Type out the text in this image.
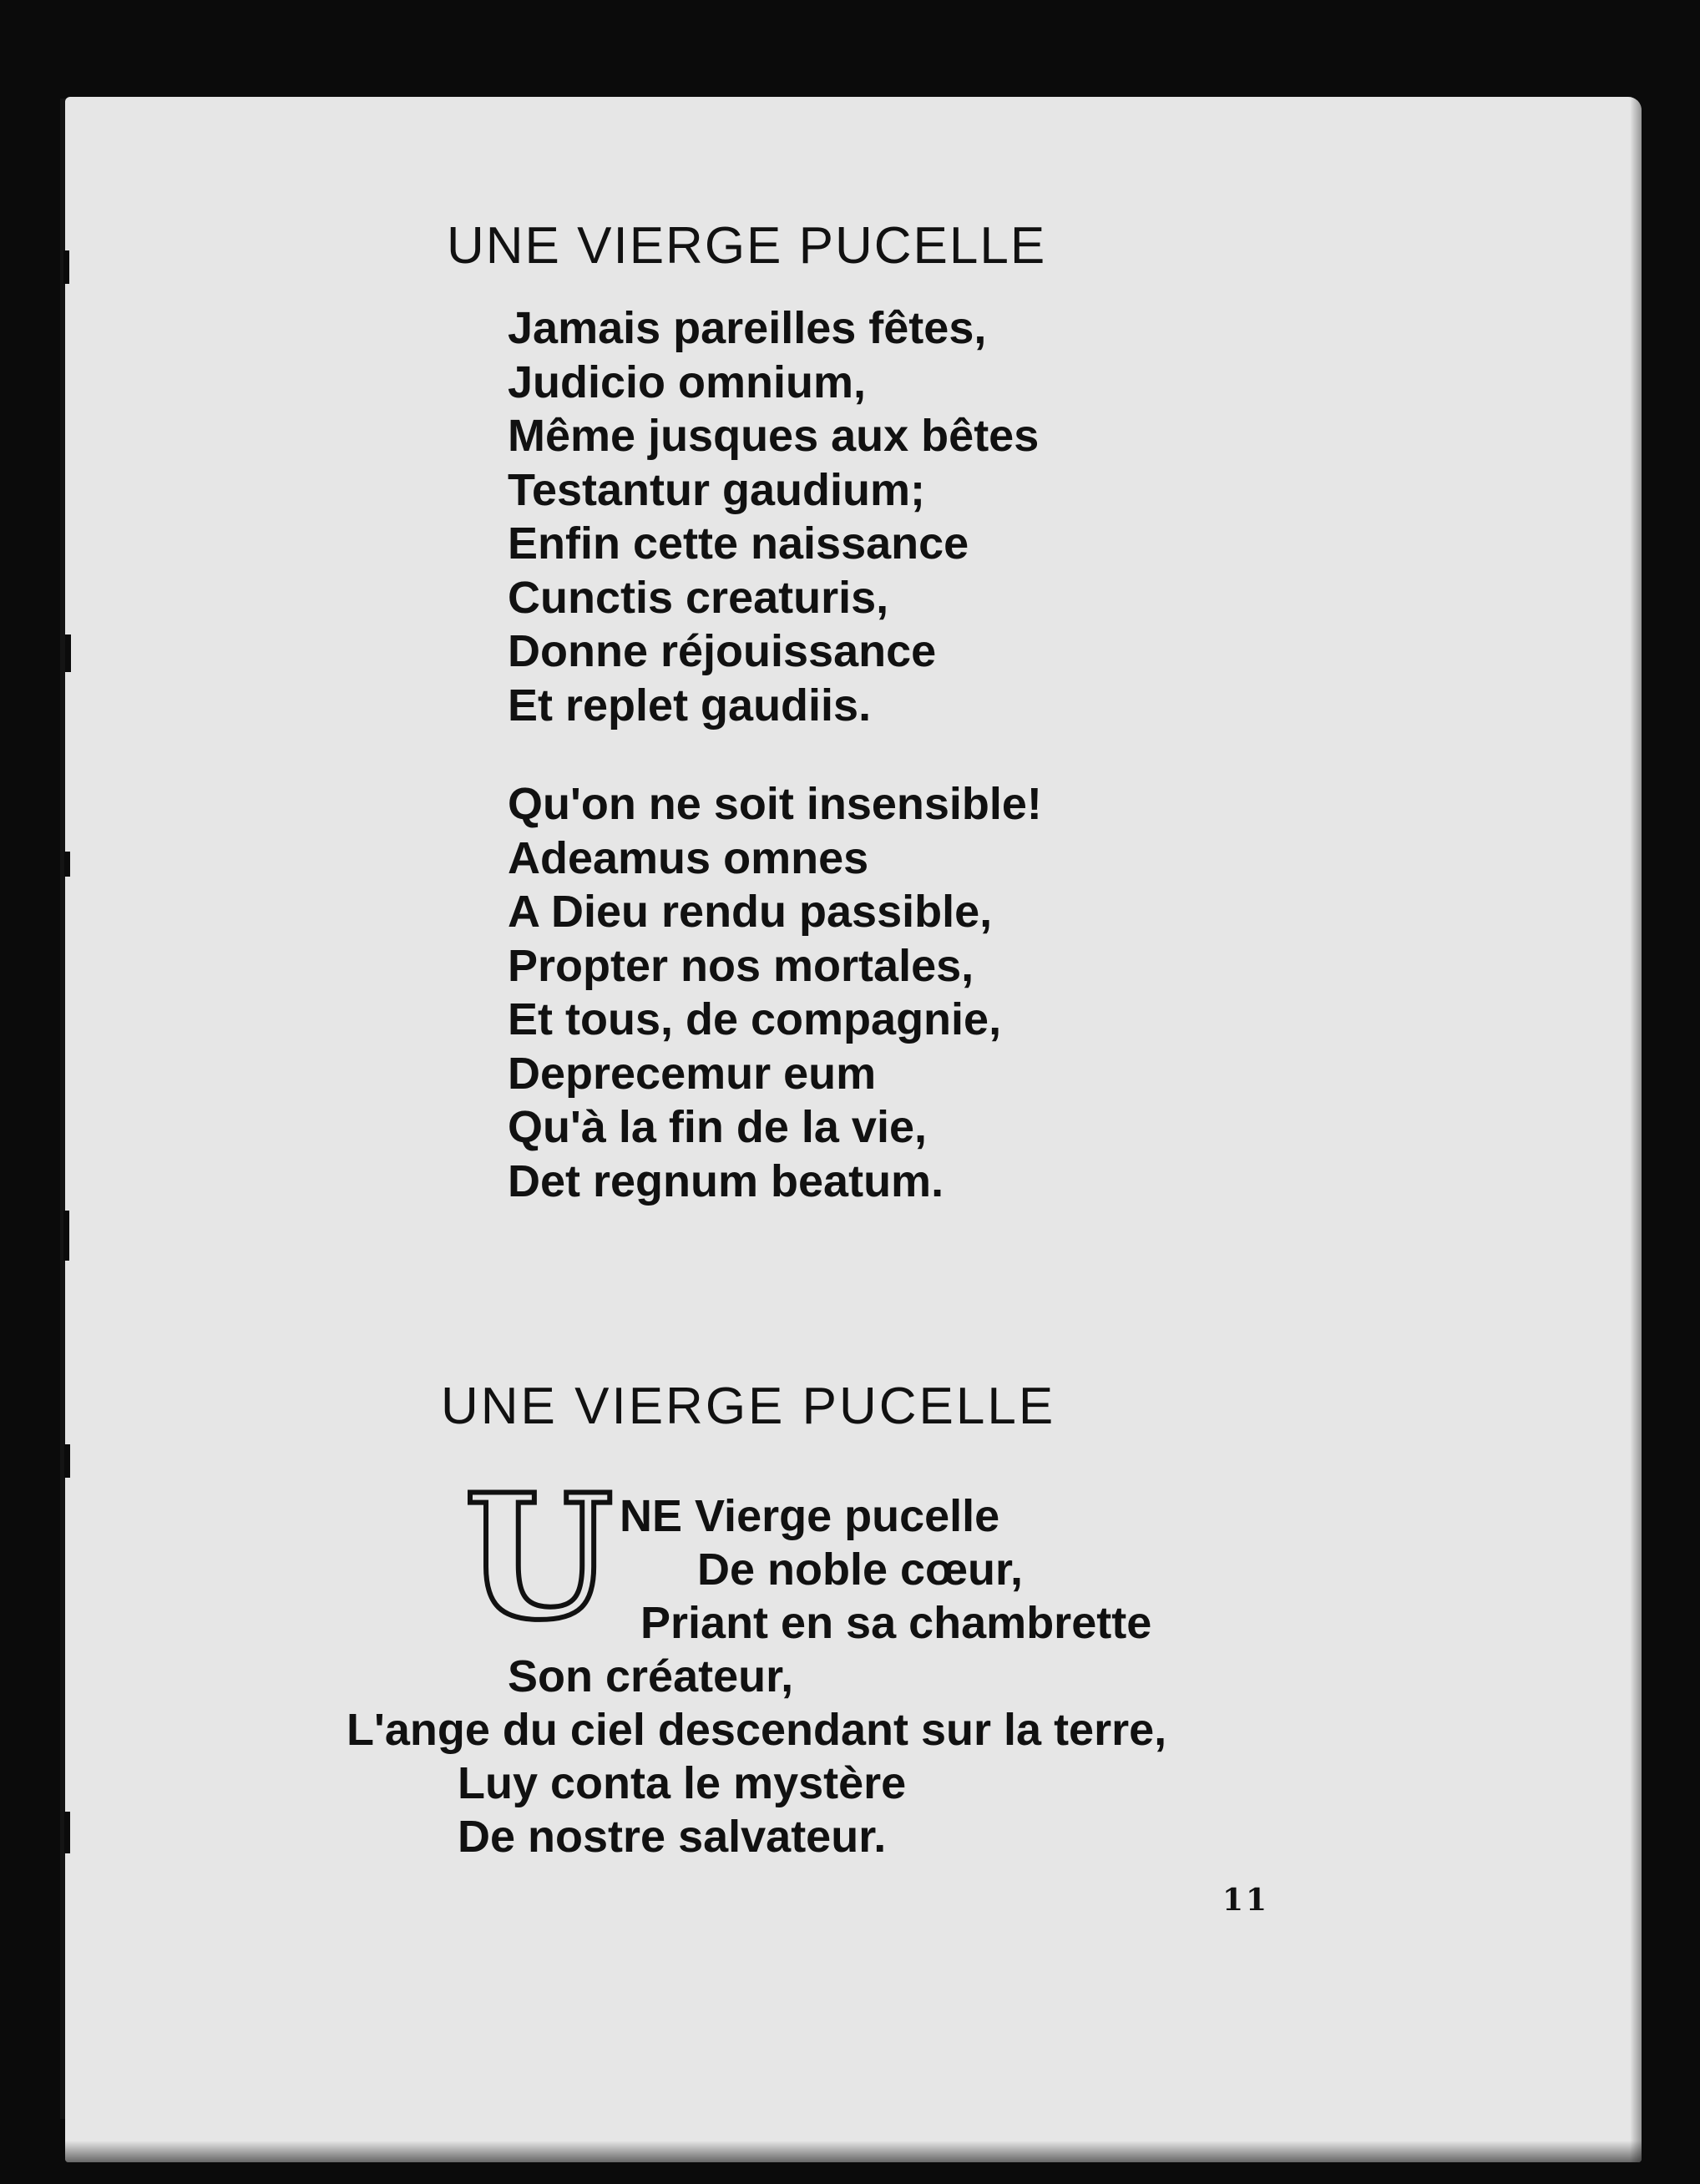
UNE VIERGE PUCELLE
Jamais pareilles fêtes,
Judicio omnium,
Même jusques aux bêtes
Testantur gaudium;
Enfin cette naissance
Cunctis creaturis,
Donne réjouissance
Et replet gaudiis.
Qu'on ne soit insensible!
Adeamus omnes
A Dieu rendu passible,
Propter nos mortales,
Et tous, de compagnie,
Deprecemur eum
Qu'à la fin de la vie,
Det regnum beatum.
UNE VIERGE PUCELLE
U NE Vierge pucelle
De noble cœur,
Priant en sa chambrette
Son créateur,
L'ange du ciel descendant sur la terre,
Luy conta le mystère
De nostre salvateur.
11
